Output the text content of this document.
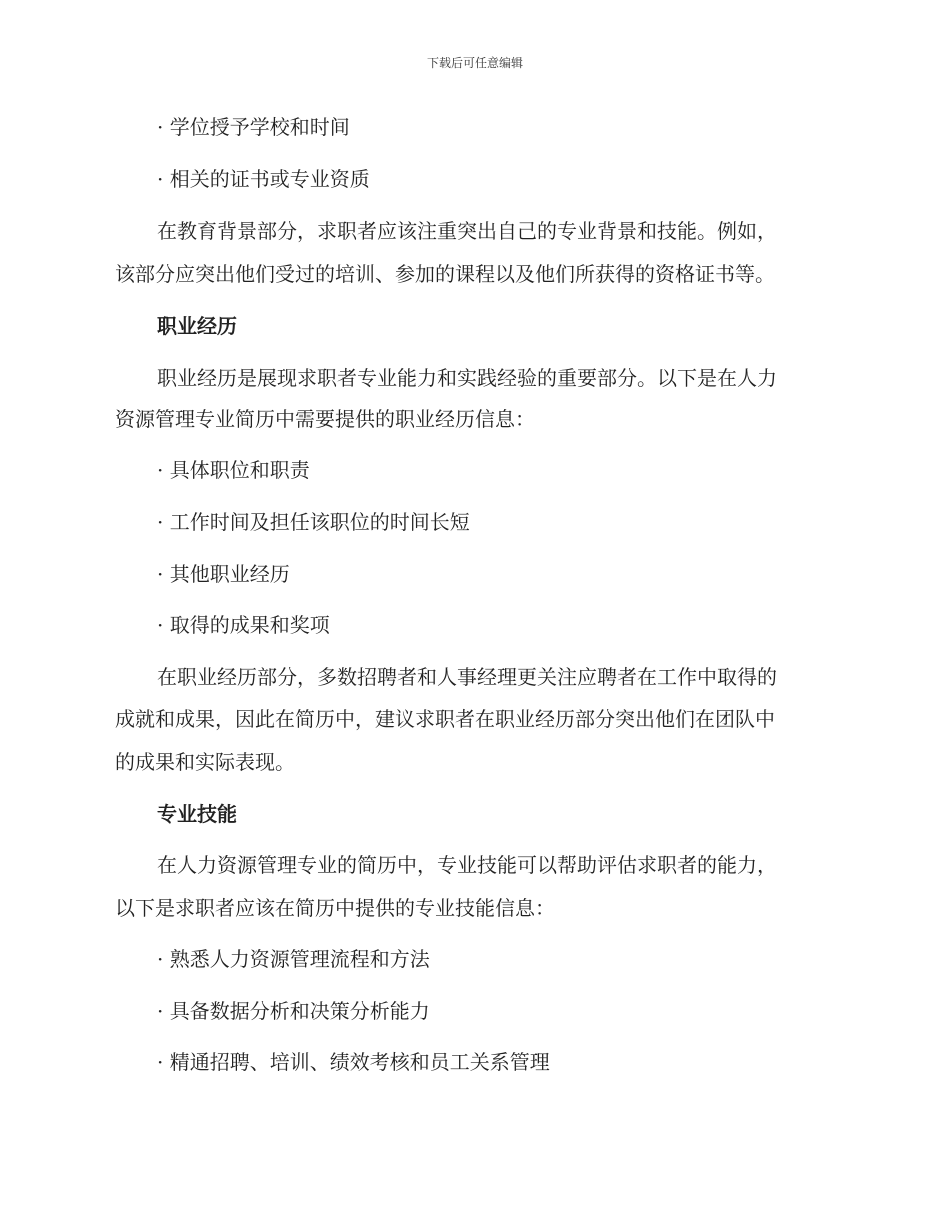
下载后可任意编辑
· 学位授予学校和时间
· 相关的证书或专业资质
在教育背景部分，求职者应该注重突出自己的专业背景和技能。例如，
该部分应突出他们受过的培训、参加的课程以及他们所获得的资格证书等。
职业经历
职业经历是展现求职者专业能力和实践经验的重要部分。以下是在人力
资源管理专业简历中需要提供的职业经历信息：
· 具体职位和职责
· 工作时间及担任该职位的时间长短
· 其他职业经历
· 取得的成果和奖项
在职业经历部分，多数招聘者和人事经理更关注应聘者在工作中取得的
成就和成果，因此在简历中，建议求职者在职业经历部分突出他们在团队中
的成果和实际表现。
专业技能
在人力资源管理专业的简历中，专业技能可以帮助评估求职者的能力，
以下是求职者应该在简历中提供的专业技能信息：
· 熟悉人力资源管理流程和方法
· 具备数据分析和决策分析能力
· 精通招聘、培训、绩效考核和员工关系管理
